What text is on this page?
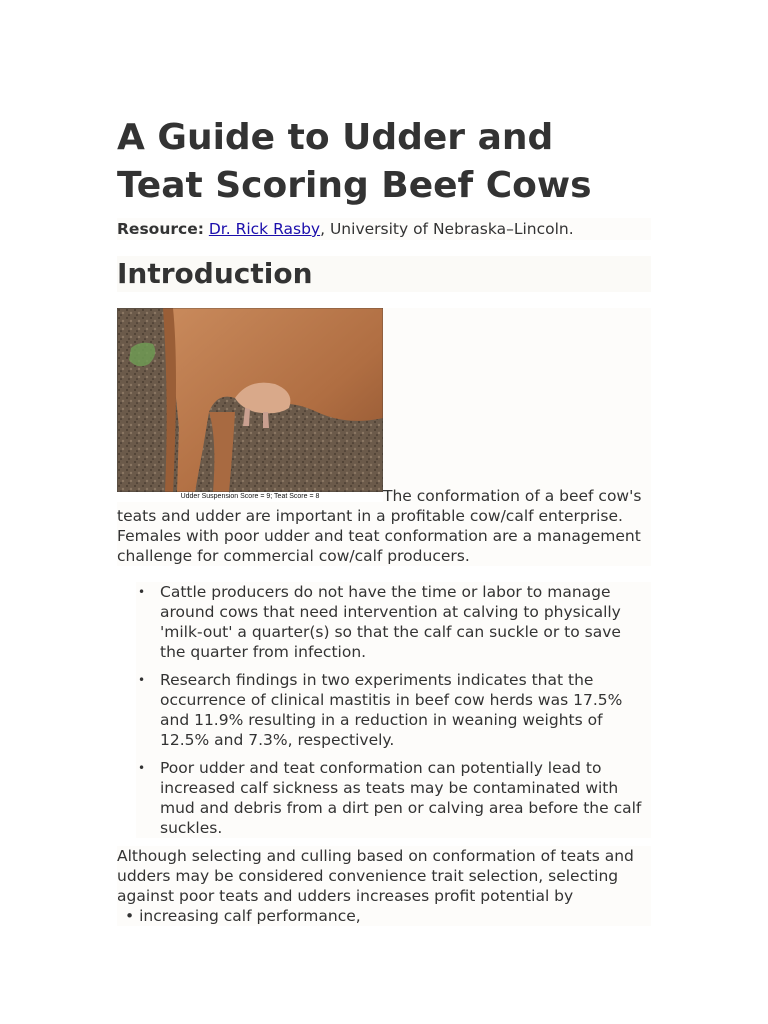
A Guide to Udder and Teat Scoring Beef Cows
Resource: Dr. Rick Rasby, University of Nebraska–Lincoln.
Introduction
Udder Suspension Score = 9; Teat Score = 8	The conformation of a beef cow's
teats and udder are important in a profitable cow/calf enterprise. Females with poor udder and teat conformation are a management challenge for commercial cow/calf producers.

• Cattle producers do not have the time or labor to manage around cows that need intervention at calving to physically 'milk-out' a quarter(s) so that the calf can suckle or to save the quarter from infection.
• Research findings in two experiments indicates that the occurrence of clinical mastitis in beef cow herds was 17.5% and 11.9% resulting in a reduction in weaning weights of 12.5% and 7.3%, respectively.
• Poor udder and teat conformation can potentially lead to increased calf sickness as teats may be contaminated with mud and debris from a dirt pen or calving area before the calf suckles.

Although selecting and culling based on conformation of teats and udders may be considered convenience trait selection, selecting against poor teats and udders increases profit potential by

• increasing calf performance,
